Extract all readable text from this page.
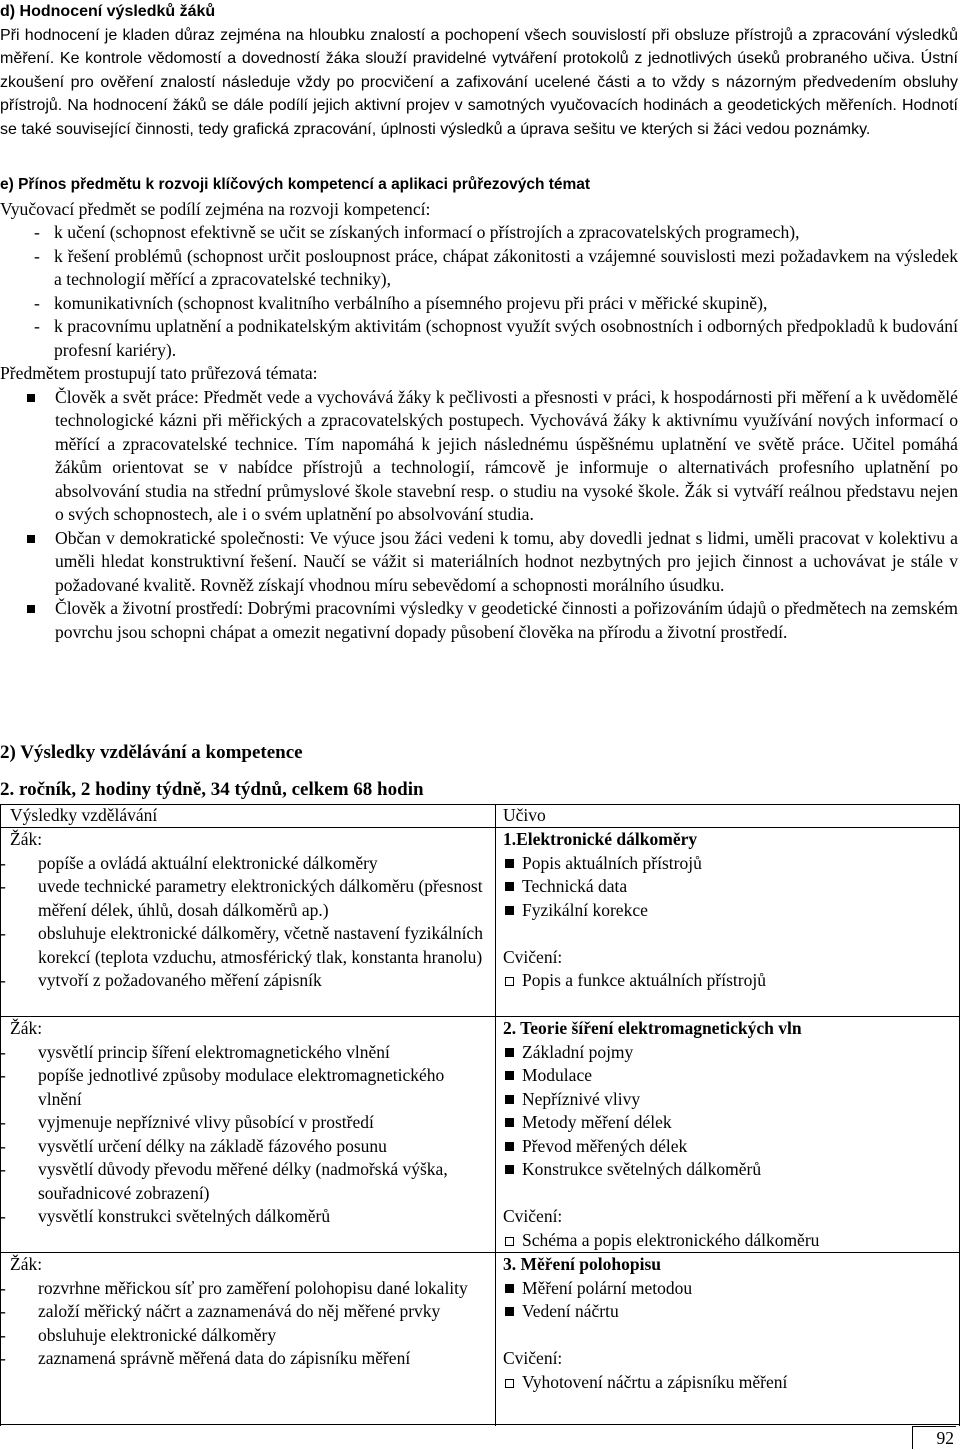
d) Hodnocení výsledků žáků

Při hodnocení je kladen důraz zejména na hloubku znalostí a pochopení všech souvislostí při obsluze přístrojů a zpracování výsledků měření. Ke kontrole vědomostí a dovedností žáka slouží pravidelné vytváření protokolů z jednotlivých úseků probraného učiva. Ústní zkoušení pro ověření znalostí následuje vždy po procvičení a zafixování ucelené části a to vždy s názorným předvedením obsluhy přístrojů. Na hodnocení žáků se dále podílí jejich aktivní projev v samotných vyučovacích hodinách a geodetických měřeních. Hodnotí se také související činnosti, tedy grafická zpracování, úplnosti výsledků a úprava sešitu ve kterých si žáci vedou poznámky.

e) Přínos předmětu k rozvoji klíčových kompetencí a aplikaci průřezových témat

Vyučovací předmět se podílí zejména na rozvoji kompetencí:

- k učení (schopnost efektivně se učit se získaných informací o přístrojích a zpracovatelských programech),
- k řešení problémů (schopnost určit posloupnost práce, chápat zákonitosti a vzájemné souvislosti mezi požadavkem na výsledek a technologií měřící a zpracovatelské techniky),
- komunikativních (schopnost kvalitního verbálního a písemného projevu při práci v měřické skupině),
- k pracovnímu uplatnění a podnikatelským aktivitám (schopnost využít svých osobnostních i odborných předpokladů k budování profesní kariéry).

Předmětem prostupují tato průřezová témata:

Člověk a svět práce: Předmět vede a vychovává žáky k pečlivosti a přesnosti v práci, k hospodárnosti při měření a k uvědomělé technologické kázni při měřických a zpracovatelských postupech. Vychovává žáky k aktivnímu využívání nových informací o měřící a zpracovatelské technice. Tím napomáhá k jejich následnému úspěšnému uplatnění ve světě práce. Učitel pomáhá žákům orientovat se v nabídce přístrojů a technologií, rámcově je informuje o alternativách profesního uplatnění po absolvování studia na střední průmyslové škole stavební resp. o studiu na vysoké škole. Žák si vytváří reálnou představu nejen o svých schopnostech, ale i o svém uplatnění po absolvování studia.
Občan v demokratické společnosti: Ve výuce jsou žáci vedeni k tomu, aby dovedli jednat s lidmi, uměli pracovat v kolektivu a uměli hledat konstruktivní řešení. Naučí se vážit si materiálních hodnot nezbytných pro jejich činnost a uchovávat je stále v požadované kvalitě. Rovněž získají vhodnou míru sebevědomí a schopnosti morálního úsudku.
Člověk a životní prostředí: Dobrými pracovními výsledky v geodetické činnosti a pořizováním údajů o předmětech na zemském povrchu jsou schopni chápat a omezit negativní dopady působení člověka na přírodu a životní prostředí.
2) Výsledky vzdělávání a kompetence
2. ročník, 2 hodiny týdně, 34 týdnů, celkem 68 hodin
Výsledky vzdělávání	Učivo
Žák:
- popíše a ovládá aktuální elektronické dálkoměry
- uvede technické parametry elektronických dálkoměru (přesnost měření délek, úhlů, dosah dálkoměrů ap.)
- obsluhuje elektronické dálkoměry, včetně nastavení fyzikálních korekcí (teplota vzduchu, atmosférický tlak, konstanta hranolu)
- vytvoří z požadovaného měření zápisník
1.Elektronické dálkoměry
Popis aktuálních přístrojů
Technická data
Fyzikální korekce
Cvičení:
Popis a funkce aktuálních přístrojů
Žák:
- vysvětlí princip šíření elektromagnetického vlnění
- popíše jednotlivé způsoby modulace elektromagnetického vlnění
- vyjmenuje nepříznivé vlivy působící v prostředí
- vysvětlí určení délky na základě fázového posunu
- vysvětlí důvody převodu měřené délky (nadmořská výška, souřadnicové zobrazení)
- vysvětlí konstrukci světelných dálkoměrů
2. Teorie šíření elektromagnetických vln
Základní pojmy
Modulace
Nepříznivé vlivy
Metody měření délek
Převod měřených délek
Konstrukce světelných dálkoměrů
Cvičení:
Schéma a popis elektronického dálkoměru
Žák:
- rozvrhne měřickou síť pro zaměření polohopisu dané lokality
- založí měřický náčrt a zaznamenává do něj měřené prvky
- obsluhuje elektronické dálkoměry
- zaznamená správně měřená data do zápisníku měření
3. Měření polohopisu
Měření polární metodou
Vedení náčrtu
Cvičení:
Vyhotovení náčrtu a zápisníku měření
92
